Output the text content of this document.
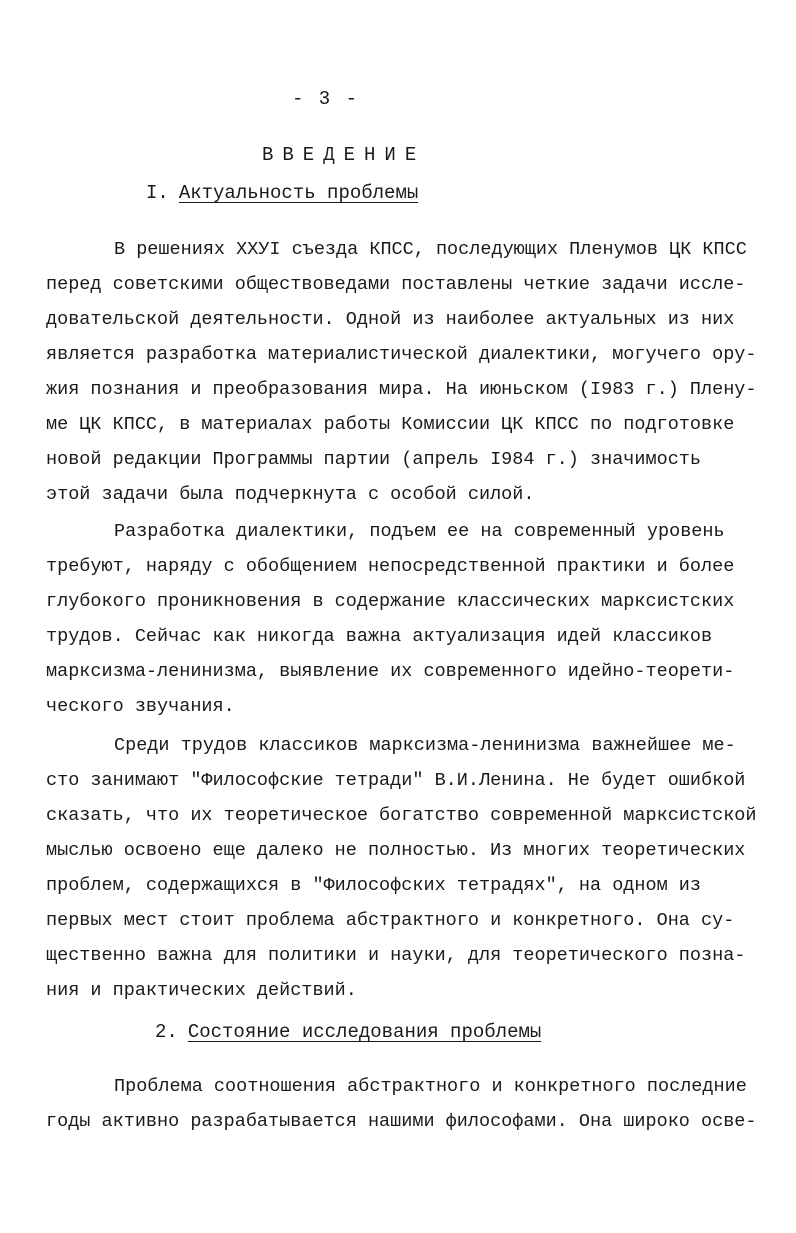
- 3 -
ВВЕДЕНИЕ
I. Актуальность проблемы
В решениях XXУI съезда КПСС, последующих Пленумов ЦК КПСС
перед советскими обществоведами поставлены четкие задачи иссле-
довательской деятельности. Одной из наиболее актуальных из них
является разработка материалистической диалектики, могучего ору-
жия познания и преобразования мира. На июньском (I983 г.) Плену-
ме ЦК КПСС, в материалах работы Комиссии ЦК КПСС по подготовке
новой редакции Программы партии (апрель I984 г.) значимость
этой задачи была подчеркнута с особой силой.
Разработка диалектики, подъем ее на современный уровень
требуют, наряду с обобщением непосредственной практики и более
глубокого проникновения в содержание классических марксистских
трудов. Сейчас как никогда важна актуализация идей классиков
марксизма-ленинизма, выявление их современного идейно-теорети-
ческого звучания.
Среди трудов классиков марксизма-ленинизма важнейшее ме-
сто занимают "Философские тетради" В.И.Ленина. Не будет ошибкой
сказать, что их теоретическое богатство современной марксистской
мыслью освоено еще далеко не полностью. Из многих теоретических
проблем, содержащихся в "Философских тетрадях", на одном из
первых мест стоит проблема абстрактного и конкретного. Она су-
щественно важна для политики и науки, для теоретического позна-
ния и практических действий.
2. Состояние исследования проблемы
Проблема соотношения абстрактного и конкретного последние
годы активно разрабатывается нашими философами. Она широко осве-
